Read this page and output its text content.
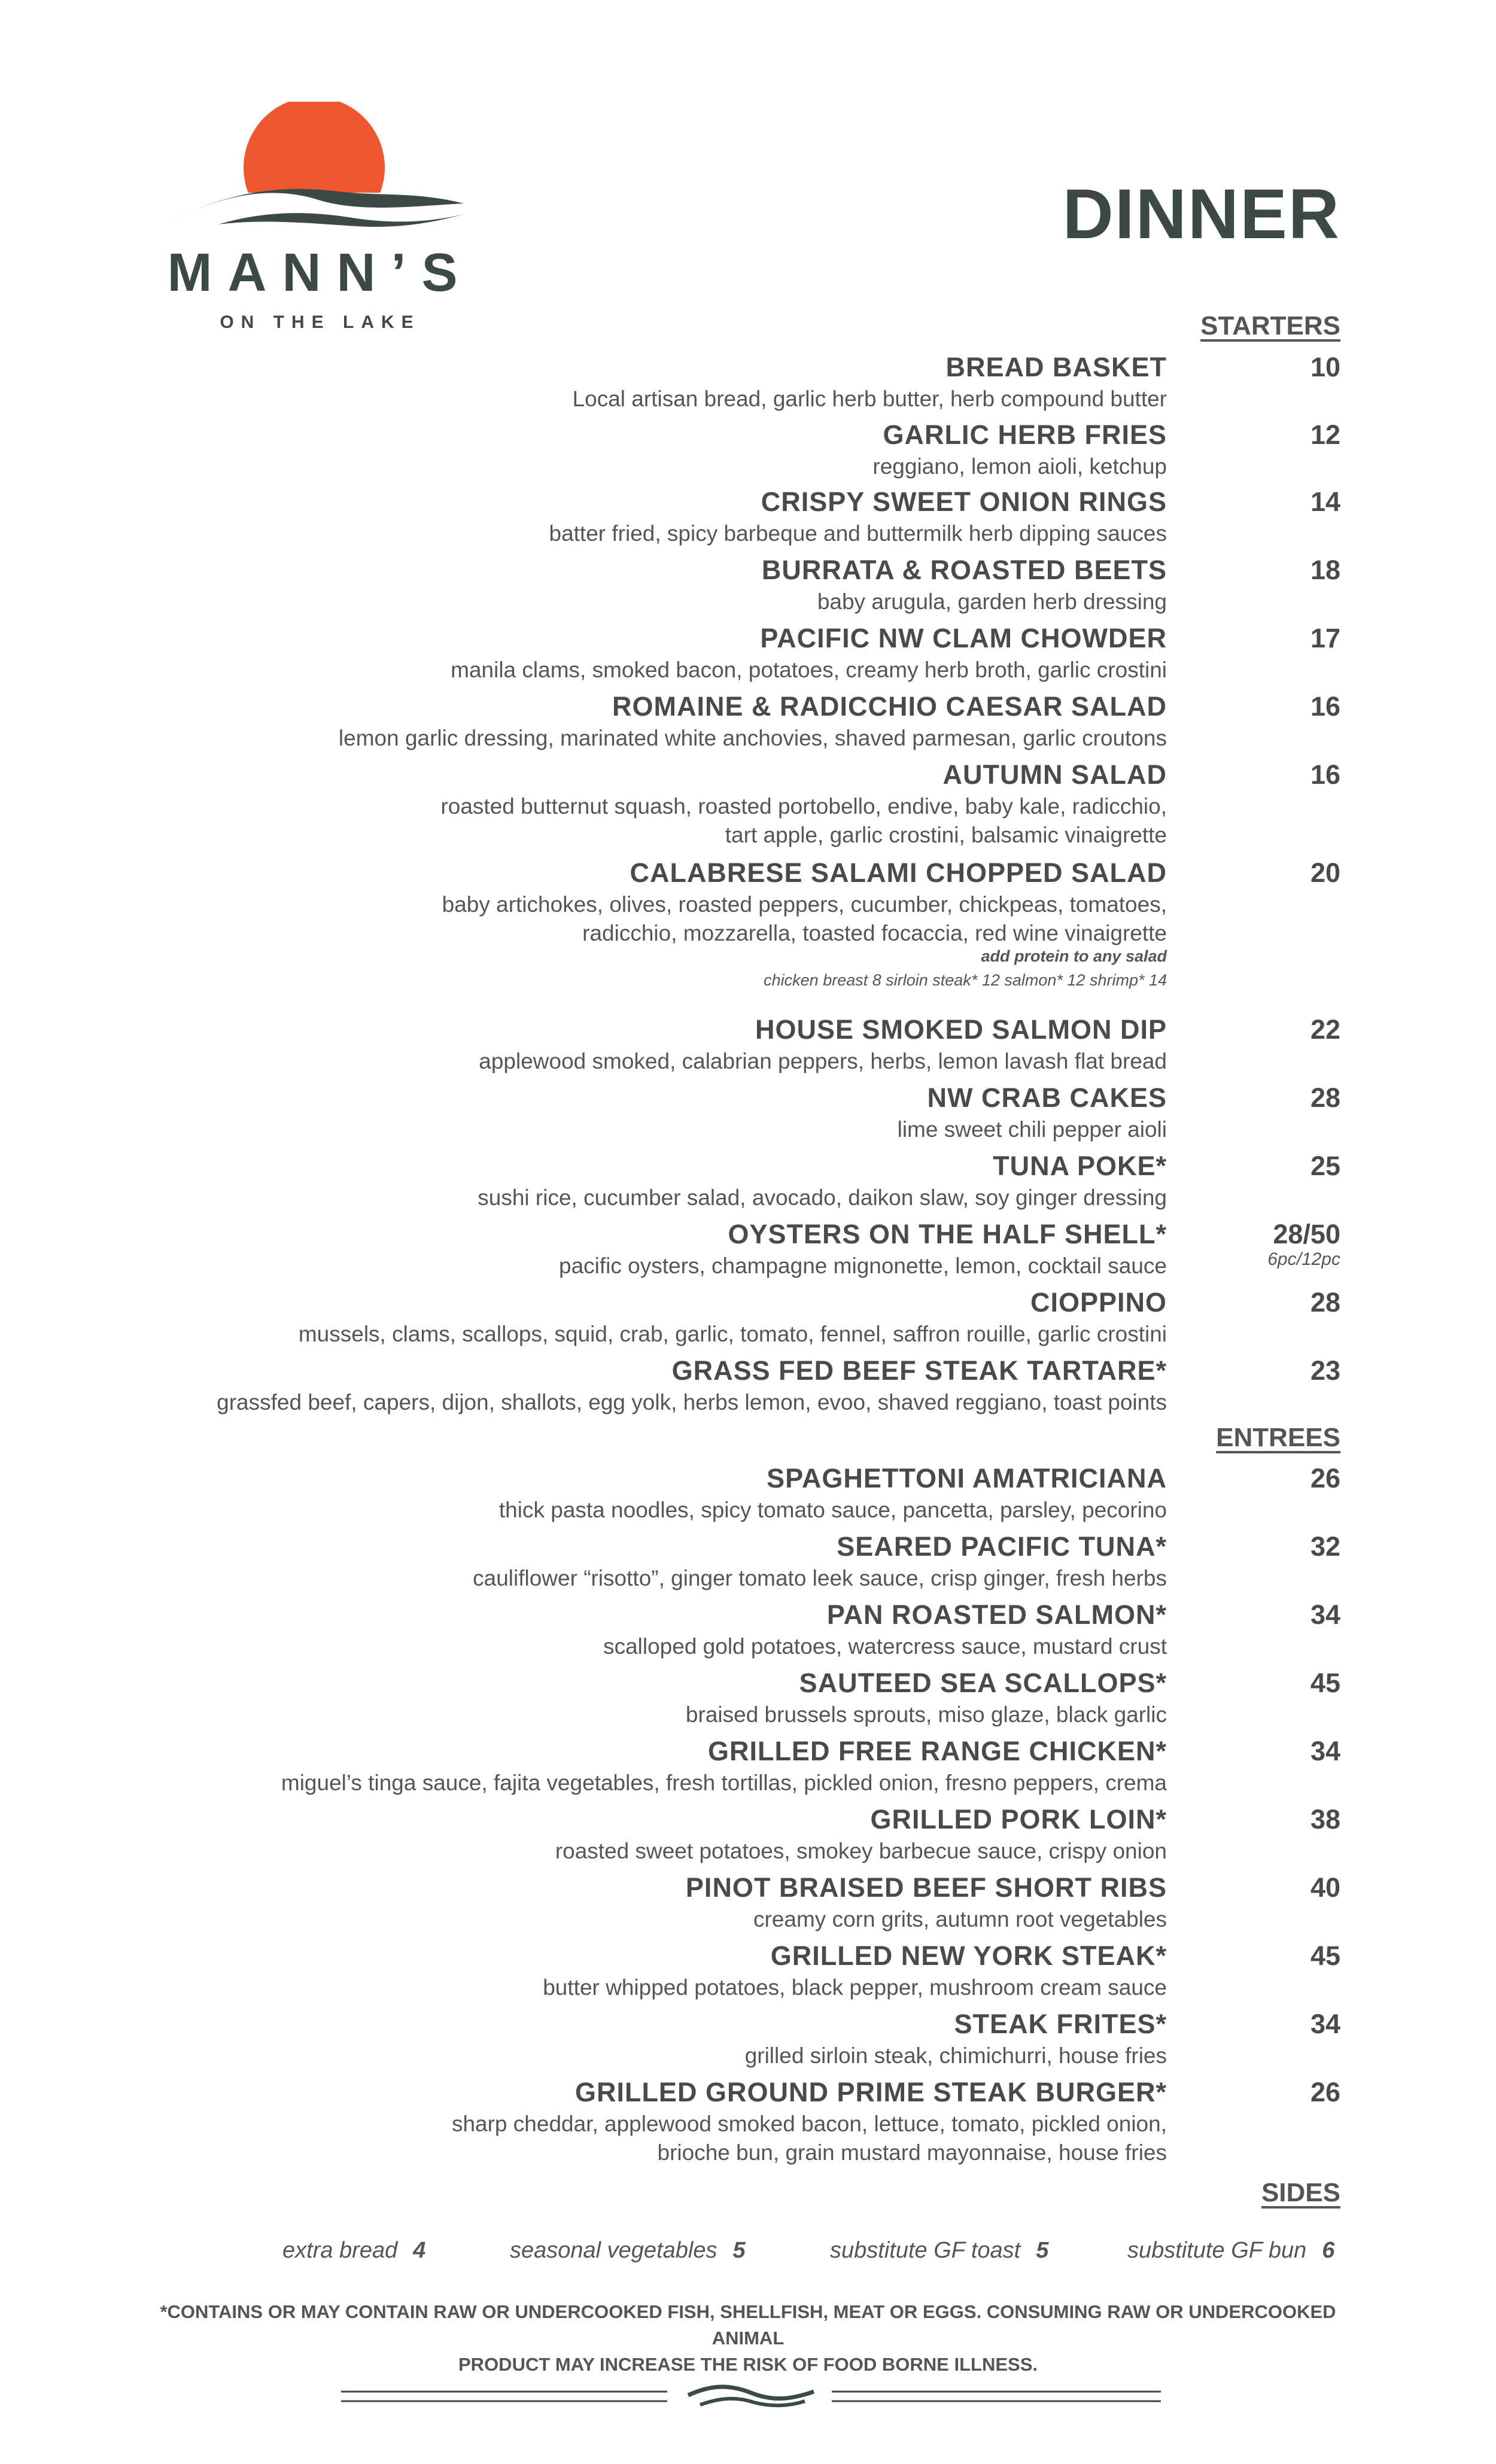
MANN’S
ON THE LAKE
DINNER
STARTERS
BREAD BASKET
Local artisan bread, garlic herb butter, herb compound butter
10
GARLIC HERB FRIES
reggiano, lemon aioli, ketchup
12
CRISPY SWEET ONION RINGS
batter fried, spicy barbeque and buttermilk herb dipping sauces
14
BURRATA & ROASTED BEETS
baby arugula, garden herb dressing
18
PACIFIC NW CLAM CHOWDER
manila clams, smoked bacon, potatoes, creamy herb broth, garlic crostini
17
ROMAINE & RADICCHIO CAESAR SALAD
lemon garlic dressing, marinated white anchovies, shaved parmesan, garlic croutons
16
AUTUMN SALAD
roasted butternut squash, roasted portobello, endive, baby kale, radicchio,
tart apple, garlic crostini, balsamic vinaigrette
16
CALABRESE SALAMI CHOPPED SALAD
baby artichokes, olives, roasted peppers, cucumber, chickpeas, tomatoes,
radicchio, mozzarella, toasted focaccia, red wine vinaigrette
20
add protein to any salad
chicken breast 8 sirloin steak* 12 salmon* 12 shrimp* 14
HOUSE SMOKED SALMON DIP
applewood smoked, calabrian peppers, herbs, lemon lavash flat bread
22
NW CRAB CAKES
lime sweet chili pepper aioli
28
TUNA POKE*
sushi rice, cucumber salad, avocado, daikon slaw, soy ginger dressing
25
OYSTERS ON THE HALF SHELL*
pacific oysters, champagne mignonette, lemon, cocktail sauce
28/50
6pc/12pc
CIOPPINO
mussels, clams, scallops, squid, crab, garlic, tomato, fennel, saffron rouille, garlic crostini
28
GRASS FED BEEF STEAK TARTARE*
grassfed beef, capers, dijon, shallots, egg yolk, herbs lemon, evoo, shaved reggiano, toast points
23
ENTREES
SPAGHETTONI AMATRICIANA
thick pasta noodles, spicy tomato sauce, pancetta, parsley, pecorino
26
SEARED PACIFIC TUNA*
cauliflower “risotto”, ginger tomato leek sauce, crisp ginger, fresh herbs
32
PAN ROASTED SALMON*
scalloped gold potatoes, watercress sauce, mustard crust
34
SAUTEED SEA SCALLOPS*
braised brussels sprouts, miso glaze, black garlic
45
GRILLED FREE RANGE CHICKEN*
miguel’s tinga sauce, fajita vegetables, fresh tortillas, pickled onion, fresno peppers, crema
34
GRILLED PORK LOIN*
roasted sweet potatoes, smokey barbecue sauce, crispy onion
38
PINOT BRAISED BEEF SHORT RIBS
creamy corn grits, autumn root vegetables
40
GRILLED NEW YORK STEAK*
butter whipped potatoes, black pepper, mushroom cream sauce
45
STEAK FRITES*
grilled sirloin steak, chimichurri, house fries
34
GRILLED GROUND PRIME STEAK BURGER*
sharp cheddar, applewood smoked bacon, lettuce, tomato, pickled onion,
brioche bun, grain mustard mayonnaise, house fries
26
SIDES
extra bread 4	seasonal vegetables 5	substitute GF toast 5	substitute GF bun 6
*CONTAINS OR MAY CONTAIN RAW OR UNDERCOOKED FISH, SHELLFISH, MEAT OR EGGS. CONSUMING RAW OR UNDERCOOKED ANIMAL
PRODUCT MAY INCREASE THE RISK OF FOOD BORNE ILLNESS.
